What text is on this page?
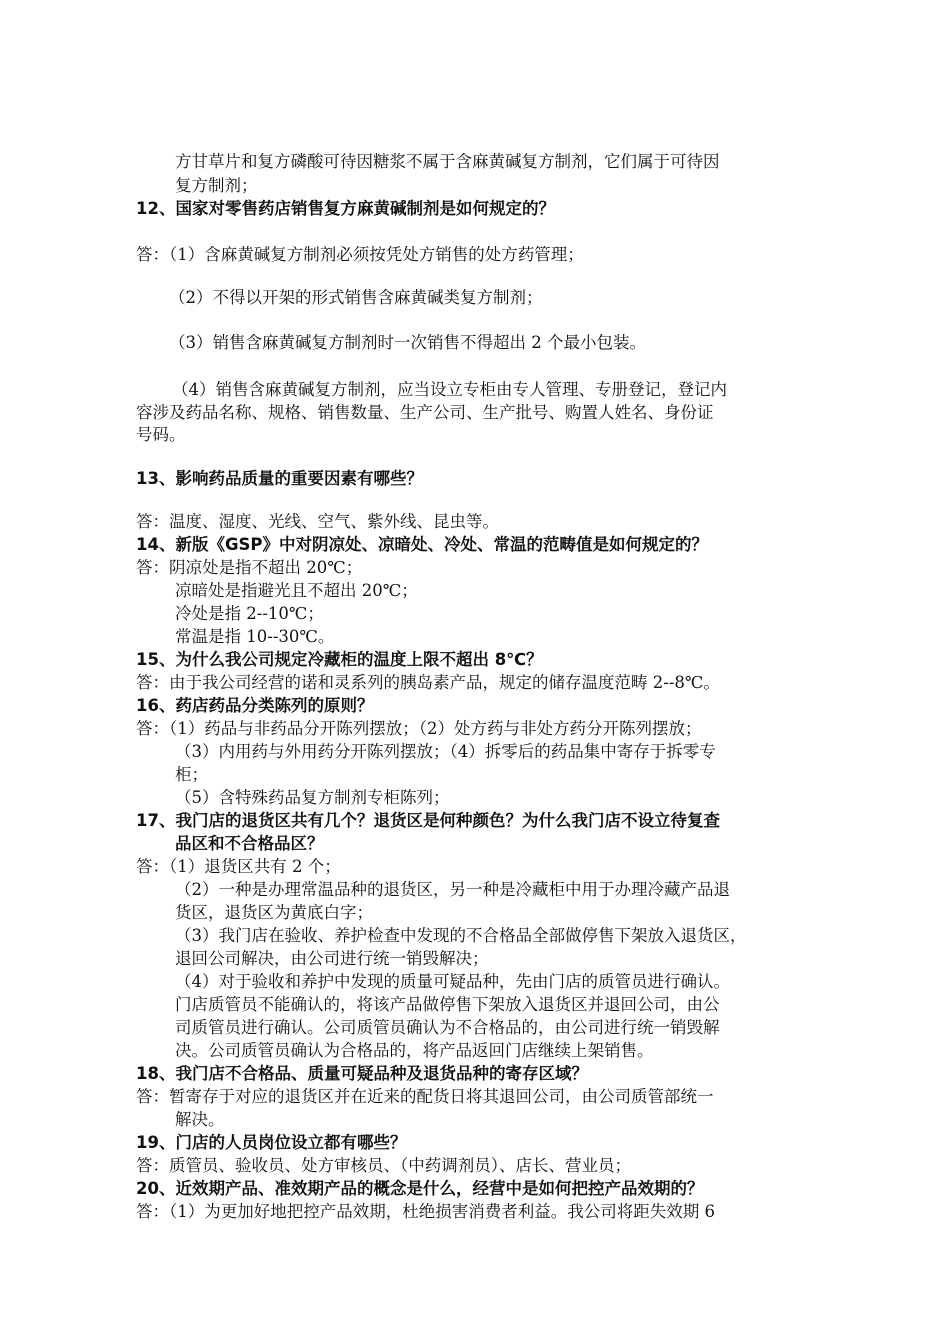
方甘草片和复方磷酸可待因糖浆不属于含麻黄碱复方制剂，它们属于可待因
复方制剂；
12、国家对零售药店销售复方麻黄碱制剂是如何规定的？
答：（1）含麻黄碱复方制剂必须按凭处方销售的处方药管理；
（2）不得以开架的形式销售含麻黄碱类复方制剂；
（3）销售含麻黄碱复方制剂时一次销售不得超出 2 个最小包装。
（4）销售含麻黄碱复方制剂，应当设立专柜由专人管理、专册登记，登记内
容涉及药品名称、规格、销售数量、生产公司、生产批号、购置人姓名、身份证
号码。
13、影响药品质量的重要因素有哪些？
答：温度、湿度、光线、空气、紫外线、昆虫等。
14、新版《GSP》中对阴凉处、凉暗处、冷处、常温的范畴值是如何规定的？
答：阴凉处是指不超出 20℃；
凉暗处是指避光且不超出 20℃；
冷处是指 2--10℃；
常温是指 10--30℃。
15、为什么我公司规定冷藏柜的温度上限不超出 8℃？
答：由于我公司经营的诺和灵系列的胰岛素产品，规定的储存温度范畴 2--8℃。
16、药店药品分类陈列的原则？
答：（1）药品与非药品分开陈列摆放；（2）处方药与非处方药分开陈列摆放；
（3）内用药与外用药分开陈列摆放；（4）拆零后的药品集中寄存于拆零专
柜；
（5）含特殊药品复方制剂专柜陈列；
17、我门店的退货区共有几个？退货区是何种颜色？为什么我门店不设立待复查
品区和不合格品区？
答：（1）退货区共有 2 个；
（2）一种是办理常温品种的退货区，另一种是冷藏柜中用于办理冷藏产品退
货区，退货区为黄底白字；
（3）我门店在验收、养护检查中发现的不合格品全部做停售下架放入退货区，
退回公司解决，由公司进行统一销毁解决；
（4）对于验收和养护中发现的质量可疑品种，先由门店的质管员进行确认。
门店质管员不能确认的，将该产品做停售下架放入退货区并退回公司，由公
司质管员进行确认。公司质管员确认为不合格品的，由公司进行统一销毁解
决。公司质管员确认为合格品的，将产品返回门店继续上架销售。
18、我门店不合格品、质量可疑品种及退货品种的寄存区域？
答：暂寄存于对应的退货区并在近来的配货日将其退回公司，由公司质管部统一
解决。
19、门店的人员岗位设立都有哪些？
答：质管员、验收员、处方审核员、（中药调剂员）、店长、营业员；
20、近效期产品、准效期产品的概念是什么，经营中是如何把控产品效期的？
答：（1）为更加好地把控产品效期，杜绝损害消费者利益。我公司将距失效期 6
